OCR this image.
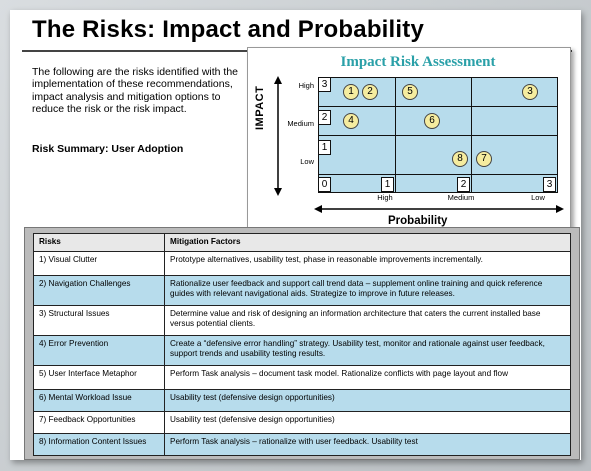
The Risks: Impact and Probability
The following are the risks identified with the implementation of these recommendations, impact analysis and mitigation options to reduce the risk or the risk impact.
Risk Summary: User Adoption
Impact Risk Assessment
IMPACT
High
Medium
Low
3
2
1
0	1	2	3
1	2	5	3
4	6
8	7
High	Medium	Low
Probability
Risks	Mitigation Factors
1) Visual Clutter	Prototype alternatives, usability test, phase in reasonable improvements incrementally.
2) Navigation Challenges	Rationalize user feedback and support call trend data – supplement online training and quick reference guides with relevant navigational aids. Strategize to improve in future releases.
3) Structural Issues	Determine value and risk of designing an information architecture that caters the current installed base versus potential clients.
4) Error Prevention	Create a “defensive error handling” strategy. Usability test, monitor and rationale against user feedback, support trends and usability testing results.
5) User Interface Metaphor	Perform Task analysis – document task model. Rationalize conflicts with page layout and flow
6) Mental Workload Issue	Usability test (defensive design opportunities)
7) Feedback Opportunities	Usability test (defensive design opportunities)
8) Information Content Issues	Perform Task analysis – rationalize with user feedback. Usability test
